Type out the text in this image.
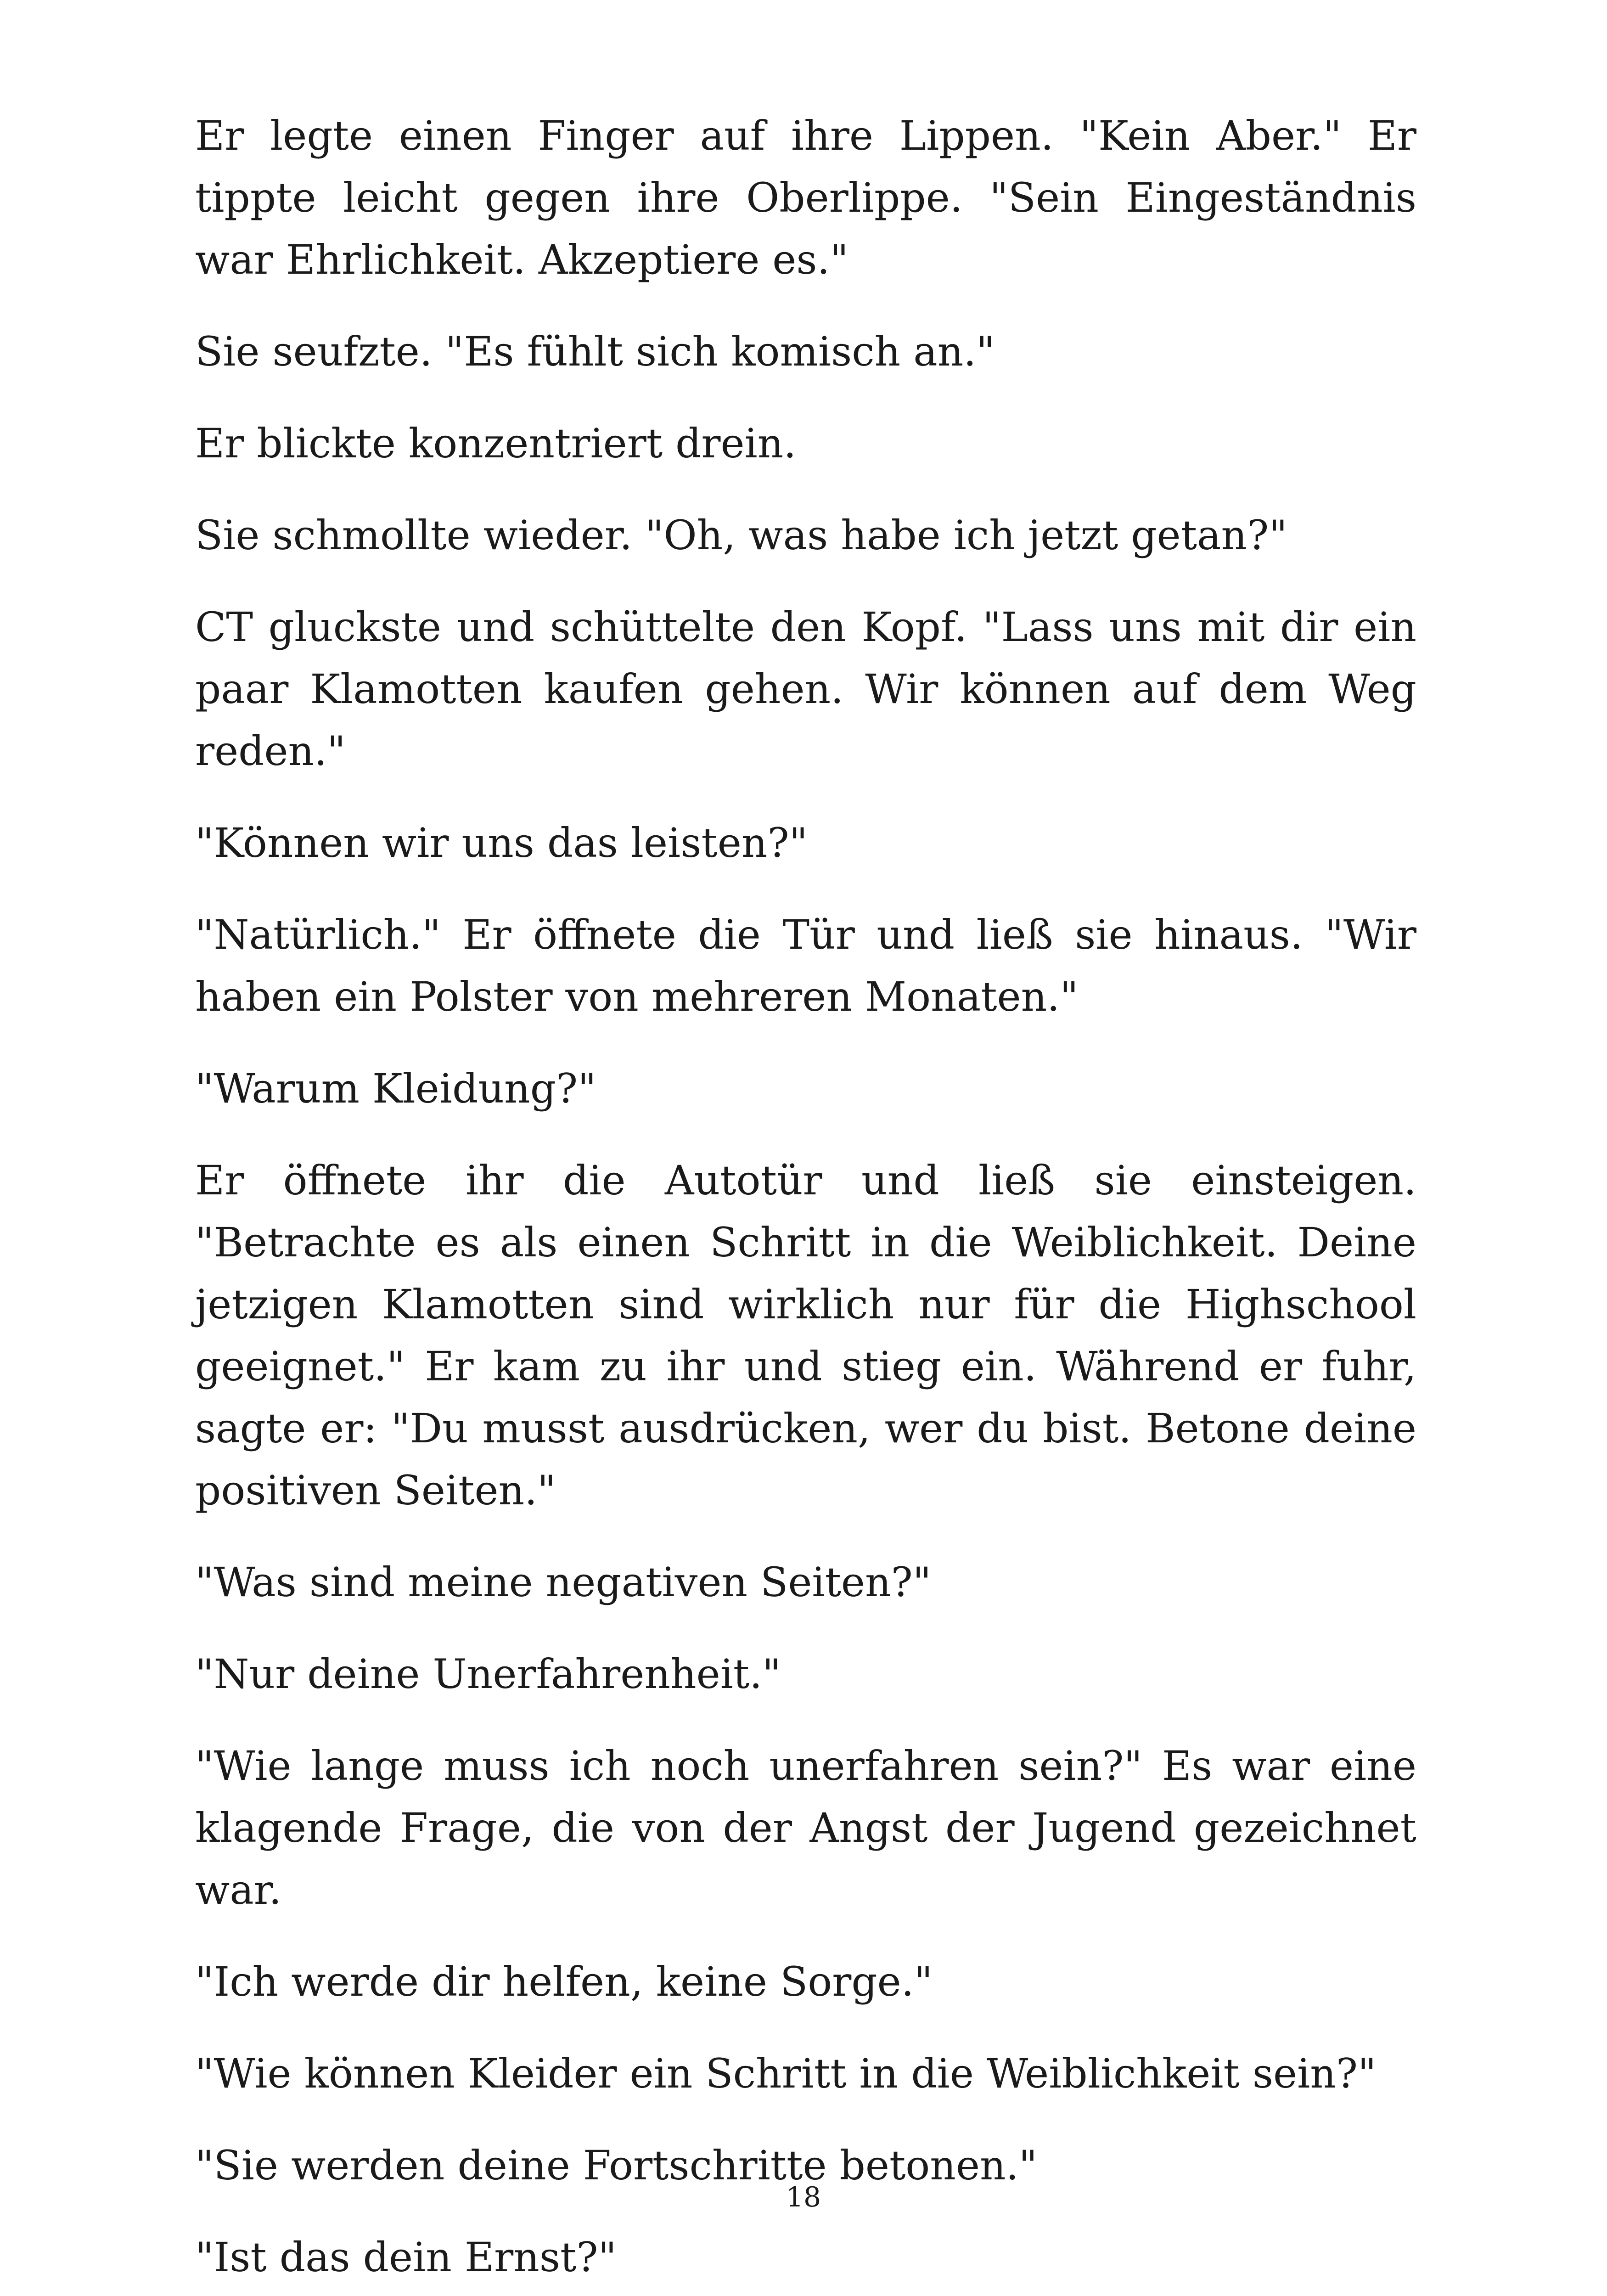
Er legte einen Finger auf ihre Lippen. "Kein Aber." Er tippte leicht gegen ihre Oberlippe. "Sein Eingeständnis war Ehrlichkeit. Akzeptiere es."

Sie seufzte. "Es fühlt sich komisch an."

Er blickte konzentriert drein.

Sie schmollte wieder. "Oh, was habe ich jetzt getan?"

CT gluckste und schüttelte den Kopf. "Lass uns mit dir ein paar Klamotten kaufen gehen. Wir können auf dem Weg reden."

"Können wir uns das leisten?"

"Natürlich." Er öffnete die Tür und ließ sie hinaus. "Wir haben ein Polster von mehreren Monaten."

"Warum Kleidung?"

Er öffnete ihr die Autotür und ließ sie einsteigen. "Betrachte es als einen Schritt in die Weiblichkeit. Deine jetzigen Klamotten sind wirklich nur für die Highschool geeignet." Er kam zu ihr und stieg ein. Während er fuhr, sagte er: "Du musst ausdrücken, wer du bist. Betone deine positiven Seiten."

"Was sind meine negativen Seiten?"

"Nur deine Unerfahrenheit."

"Wie lange muss ich noch unerfahren sein?" Es war eine klagende Frage, die von der Angst der Jugend gezeichnet war.

"Ich werde dir helfen, keine Sorge."

"Wie können Kleider ein Schritt in die Weiblichkeit sein?"

"Sie werden deine Fortschritte betonen."

"Ist das dein Ernst?"

18
